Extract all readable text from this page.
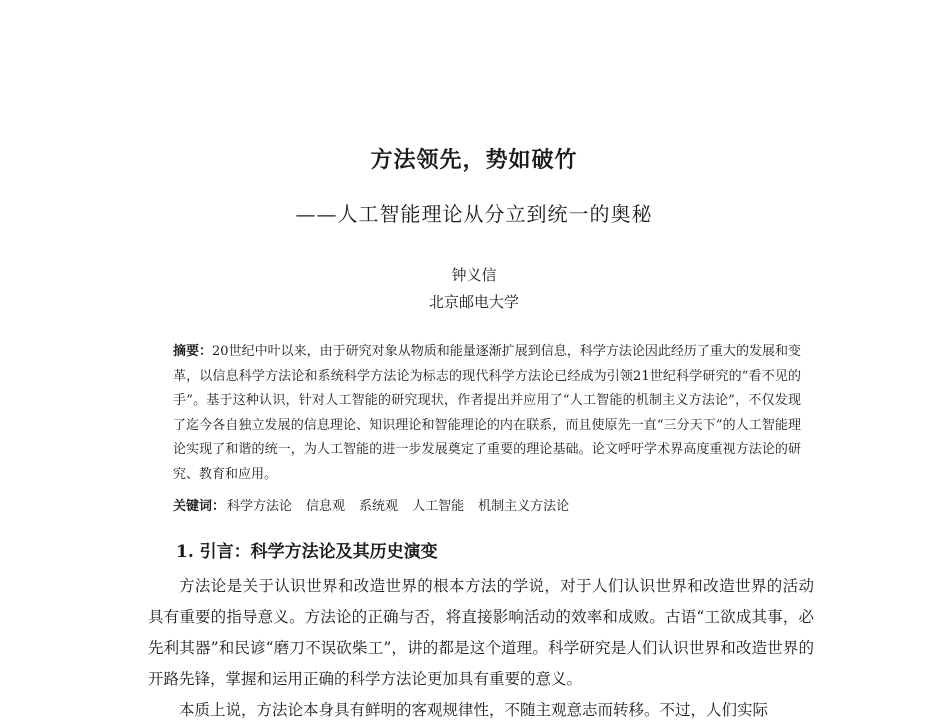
方法领先，势如破竹
——人工智能理论从分立到统一的奥秘
钟义信
北京邮电大学
摘要：20世纪中叶以来，由于研究对象从物质和能量逐渐扩展到信息，科学方法论因此经历了重大的发展和变革，以信息科学方法论和系统科学方法论为标志的现代科学方法论已经成为引领21世纪科学研究的“看不见的手”。基于这种认识，针对人工智能的研究现状，作者提出并应用了“人工智能的机制主义方法论”，不仅发现了迄今各自独立发展的信息理论、知识理论和智能理论的内在联系，而且使原先一直“三分天下”的人工智能理论实现了和谐的统一，为人工智能的进一步发展奠定了重要的理论基础。论文呼吁学术界高度重视方法论的研究、教育和应用。
关键词： 科学方法论 信息观 系统观 人工智能 机制主义方法论
1. 引言：科学方法论及其历史演变

方法论是关于认识世界和改造世界的根本方法的学说，对于人们认识世界和改造世界的活动具有重要的指导意义。方法论的正确与否，将直接影响活动的效率和成败。古语“工欲成其事，必先利其器”和民谚“磨刀不误砍柴工”，讲的都是这个道理。科学研究是人们认识世界和改造世界的开路先锋，掌握和运用正确的科学方法论更加具有重要的意义。

本质上说，方法论本身具有鲜明的客观规律性，不随主观意志而转移。不过，人们实际
